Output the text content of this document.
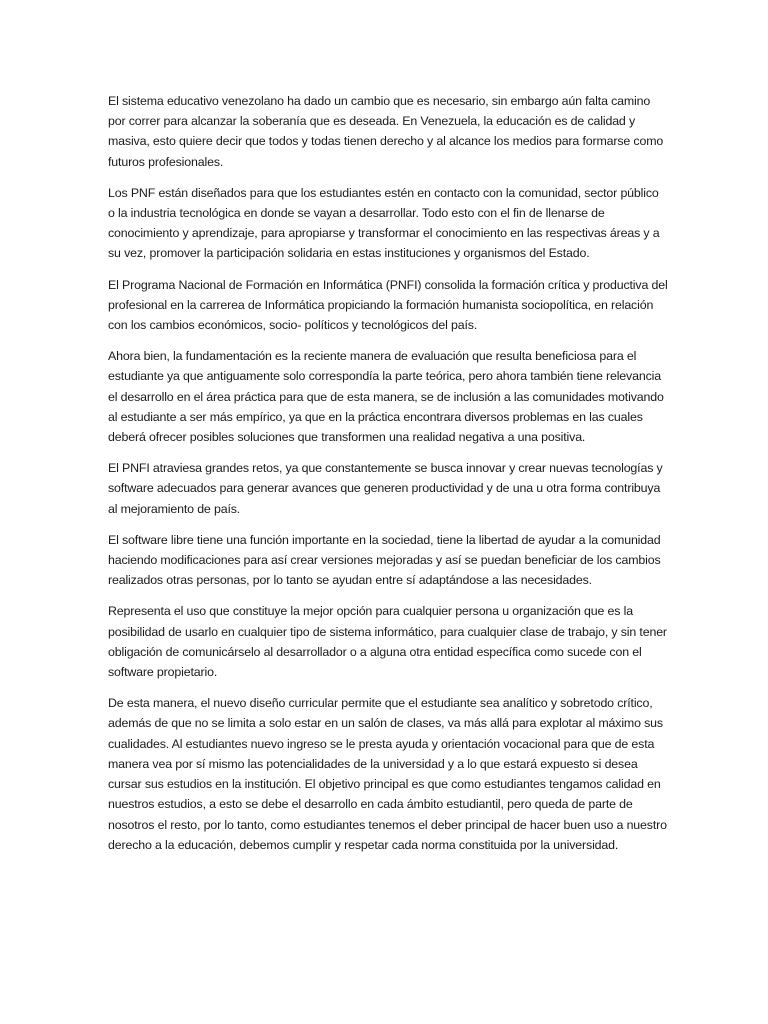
El sistema educativo venezolano ha dado un cambio que es necesario, sin embargo aún falta camino por correr para alcanzar la soberanía que es deseada. En Venezuela, la educación es de calidad y masiva, esto quiere decir que todos y todas tienen derecho y al alcance los medios para formarse como futuros profesionales.

Los PNF están diseñados para que los estudiantes estén en contacto con la comunidad, sector público o la industria tecnológica en donde se vayan a desarrollar. Todo esto con el fin de llenarse de conocimiento y aprendizaje, para apropiarse y transformar el conocimiento en las respectivas áreas y a su vez, promover la participación solidaria en estas instituciones y organismos del Estado.

El Programa Nacional de Formación en Informática (PNFI) consolida la formación crítica y productiva del profesional en la carrerea de Informática propiciando la formación humanista sociopolítica, en relación con los cambios económicos, socio- políticos y tecnológicos del país.

Ahora bien, la fundamentación es la reciente manera de evaluación que resulta beneficiosa para el estudiante ya que antiguamente solo correspondía la parte teórica, pero ahora también tiene relevancia el desarrollo en el área práctica para que de esta manera, se de inclusión a las comunidades motivando al estudiante a ser más empírico, ya que en la práctica encontrara diversos problemas en las cuales deberá ofrecer posibles soluciones que transformen una realidad negativa a una positiva.

El PNFI atraviesa grandes retos, ya que constantemente se busca innovar y crear nuevas tecnologías y software adecuados para generar avances que generen productividad y de una u otra forma contribuya al mejoramiento de país.

El software libre tiene una función importante en la sociedad, tiene la libertad de ayudar a la comunidad haciendo modificaciones para así crear versiones mejoradas y así se puedan beneficiar de los cambios realizados otras personas, por lo tanto se ayudan entre sí adaptándose a las necesidades.

Representa el uso que constituye la mejor opción para cualquier persona u organización que es la posibilidad de usarlo en cualquier tipo de sistema informático, para cualquier clase de trabajo, y sin tener obligación de comunicárselo al desarrollador o a alguna otra entidad específica como sucede con el software propietario.

De esta manera, el nuevo diseño curricular permite que el estudiante sea analítico y sobretodo crítico, además de que no se limita a solo estar en un salón de clases, va más allá para explotar al máximo sus cualidades. Al estudiantes nuevo ingreso se le presta ayuda y orientación vocacional para que de esta manera vea por sí mismo las potencialidades de la universidad y a lo que estará expuesto si desea cursar sus estudios en la institución. El objetivo principal es que como estudiantes tengamos calidad en nuestros estudios, a esto se debe el desarrollo en cada ámbito estudiantil, pero queda de parte de nosotros el resto, por lo tanto, como estudiantes tenemos el deber principal de hacer buen uso a nuestro derecho a la educación, debemos cumplir y respetar cada norma constituida por la universidad.
